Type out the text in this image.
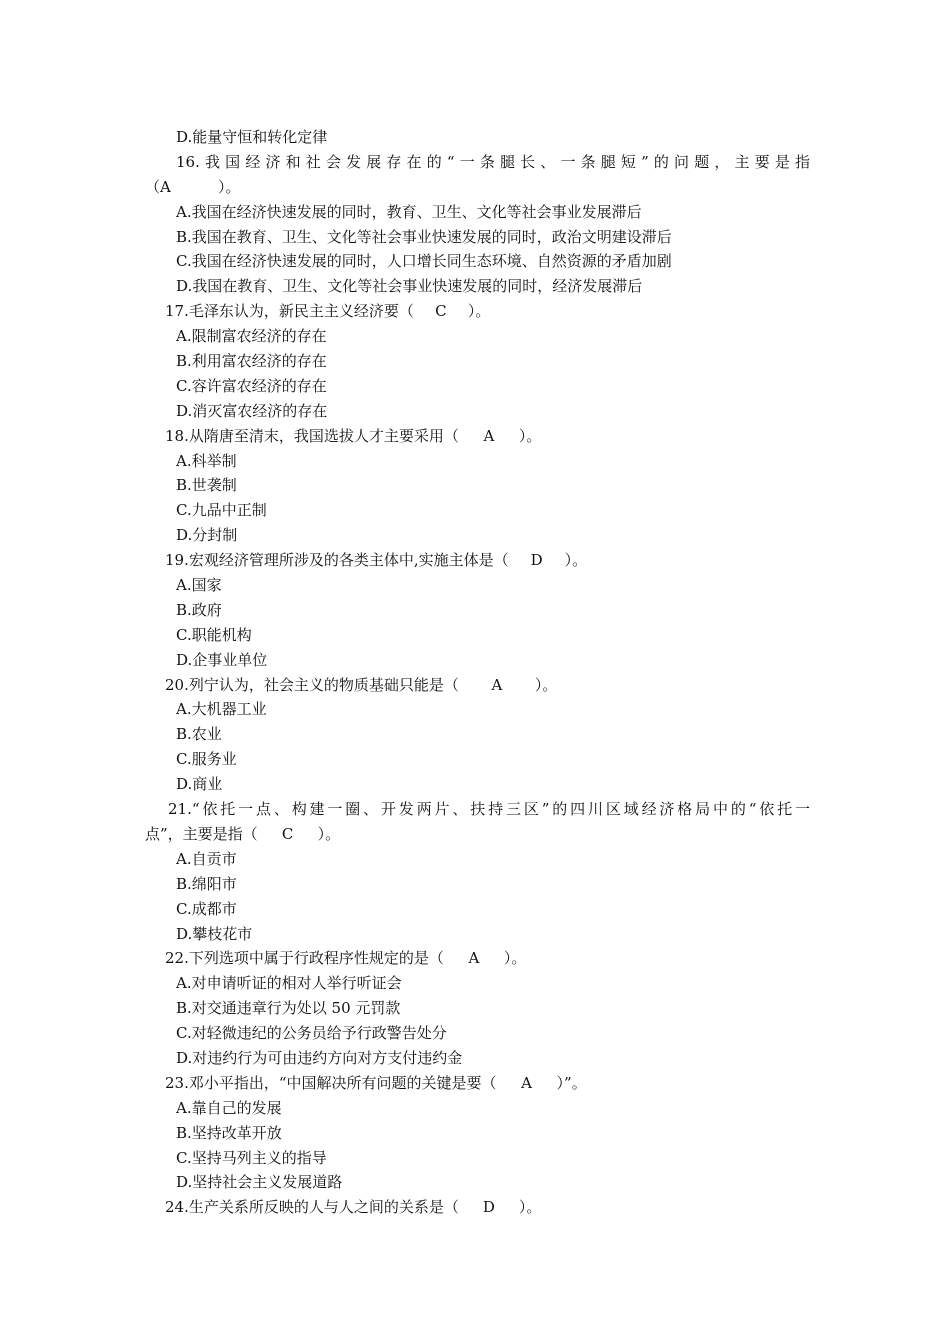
D.能量守恒和转化定律
16.我国经济和社会发展存在的“一条腿长、一条腿短”的问题，主要是指
（A	）。
A.我国在经济快速发展的同时，教育、卫生、文化等社会事业发展滞后
B.我国在教育、卫生、文化等社会事业快速发展的同时，政治文明建设滞后
C.我国在经济快速发展的同时，人口增长同生态环境、自然资源的矛盾加剧
D.我国在教育、卫生、文化等社会事业快速发展的同时，经济发展滞后
17.毛泽东认为，新民主主义经济要（ C ）。
A.限制富农经济的存在
B.利用富农经济的存在
C.容许富农经济的存在
D.消灭富农经济的存在
18.从隋唐至清末，我国选拔人才主要采用（ A ）。
A.科举制
B.世袭制
C.九品中正制
D.分封制
19.宏观经济管理所涉及的各类主体中,实施主体是（ D ）。
A.国家
B.政府
C.职能机构
D.企事业单位
20.列宁认为，社会主义的物质基础只能是（ A ）。
A.大机器工业
B.农业
C.服务业
D.商业
21.“依托一点、构建一圈、开发两片、扶持三区”的四川区域经济格局中的“依托一
点”，主要是指（ C ）。
A.自贡市
B.绵阳市
C.成都市
D.攀枝花市
22.下列选项中属于行政程序性规定的是（ A ）。
A.对申请听证的相对人举行听证会
B.对交通违章行为处以 50 元罚款
C.对轻微违纪的公务员给予行政警告处分
D.对违约行为可由违约方向对方支付违约金
23.邓小平指出，“中国解决所有问题的关键是要（ A ）”。
A.靠自己的发展
B.坚持改革开放
C.坚持马列主义的指导
D.坚持社会主义发展道路
24.生产关系所反映的人与人之间的关系是（ D ）。
